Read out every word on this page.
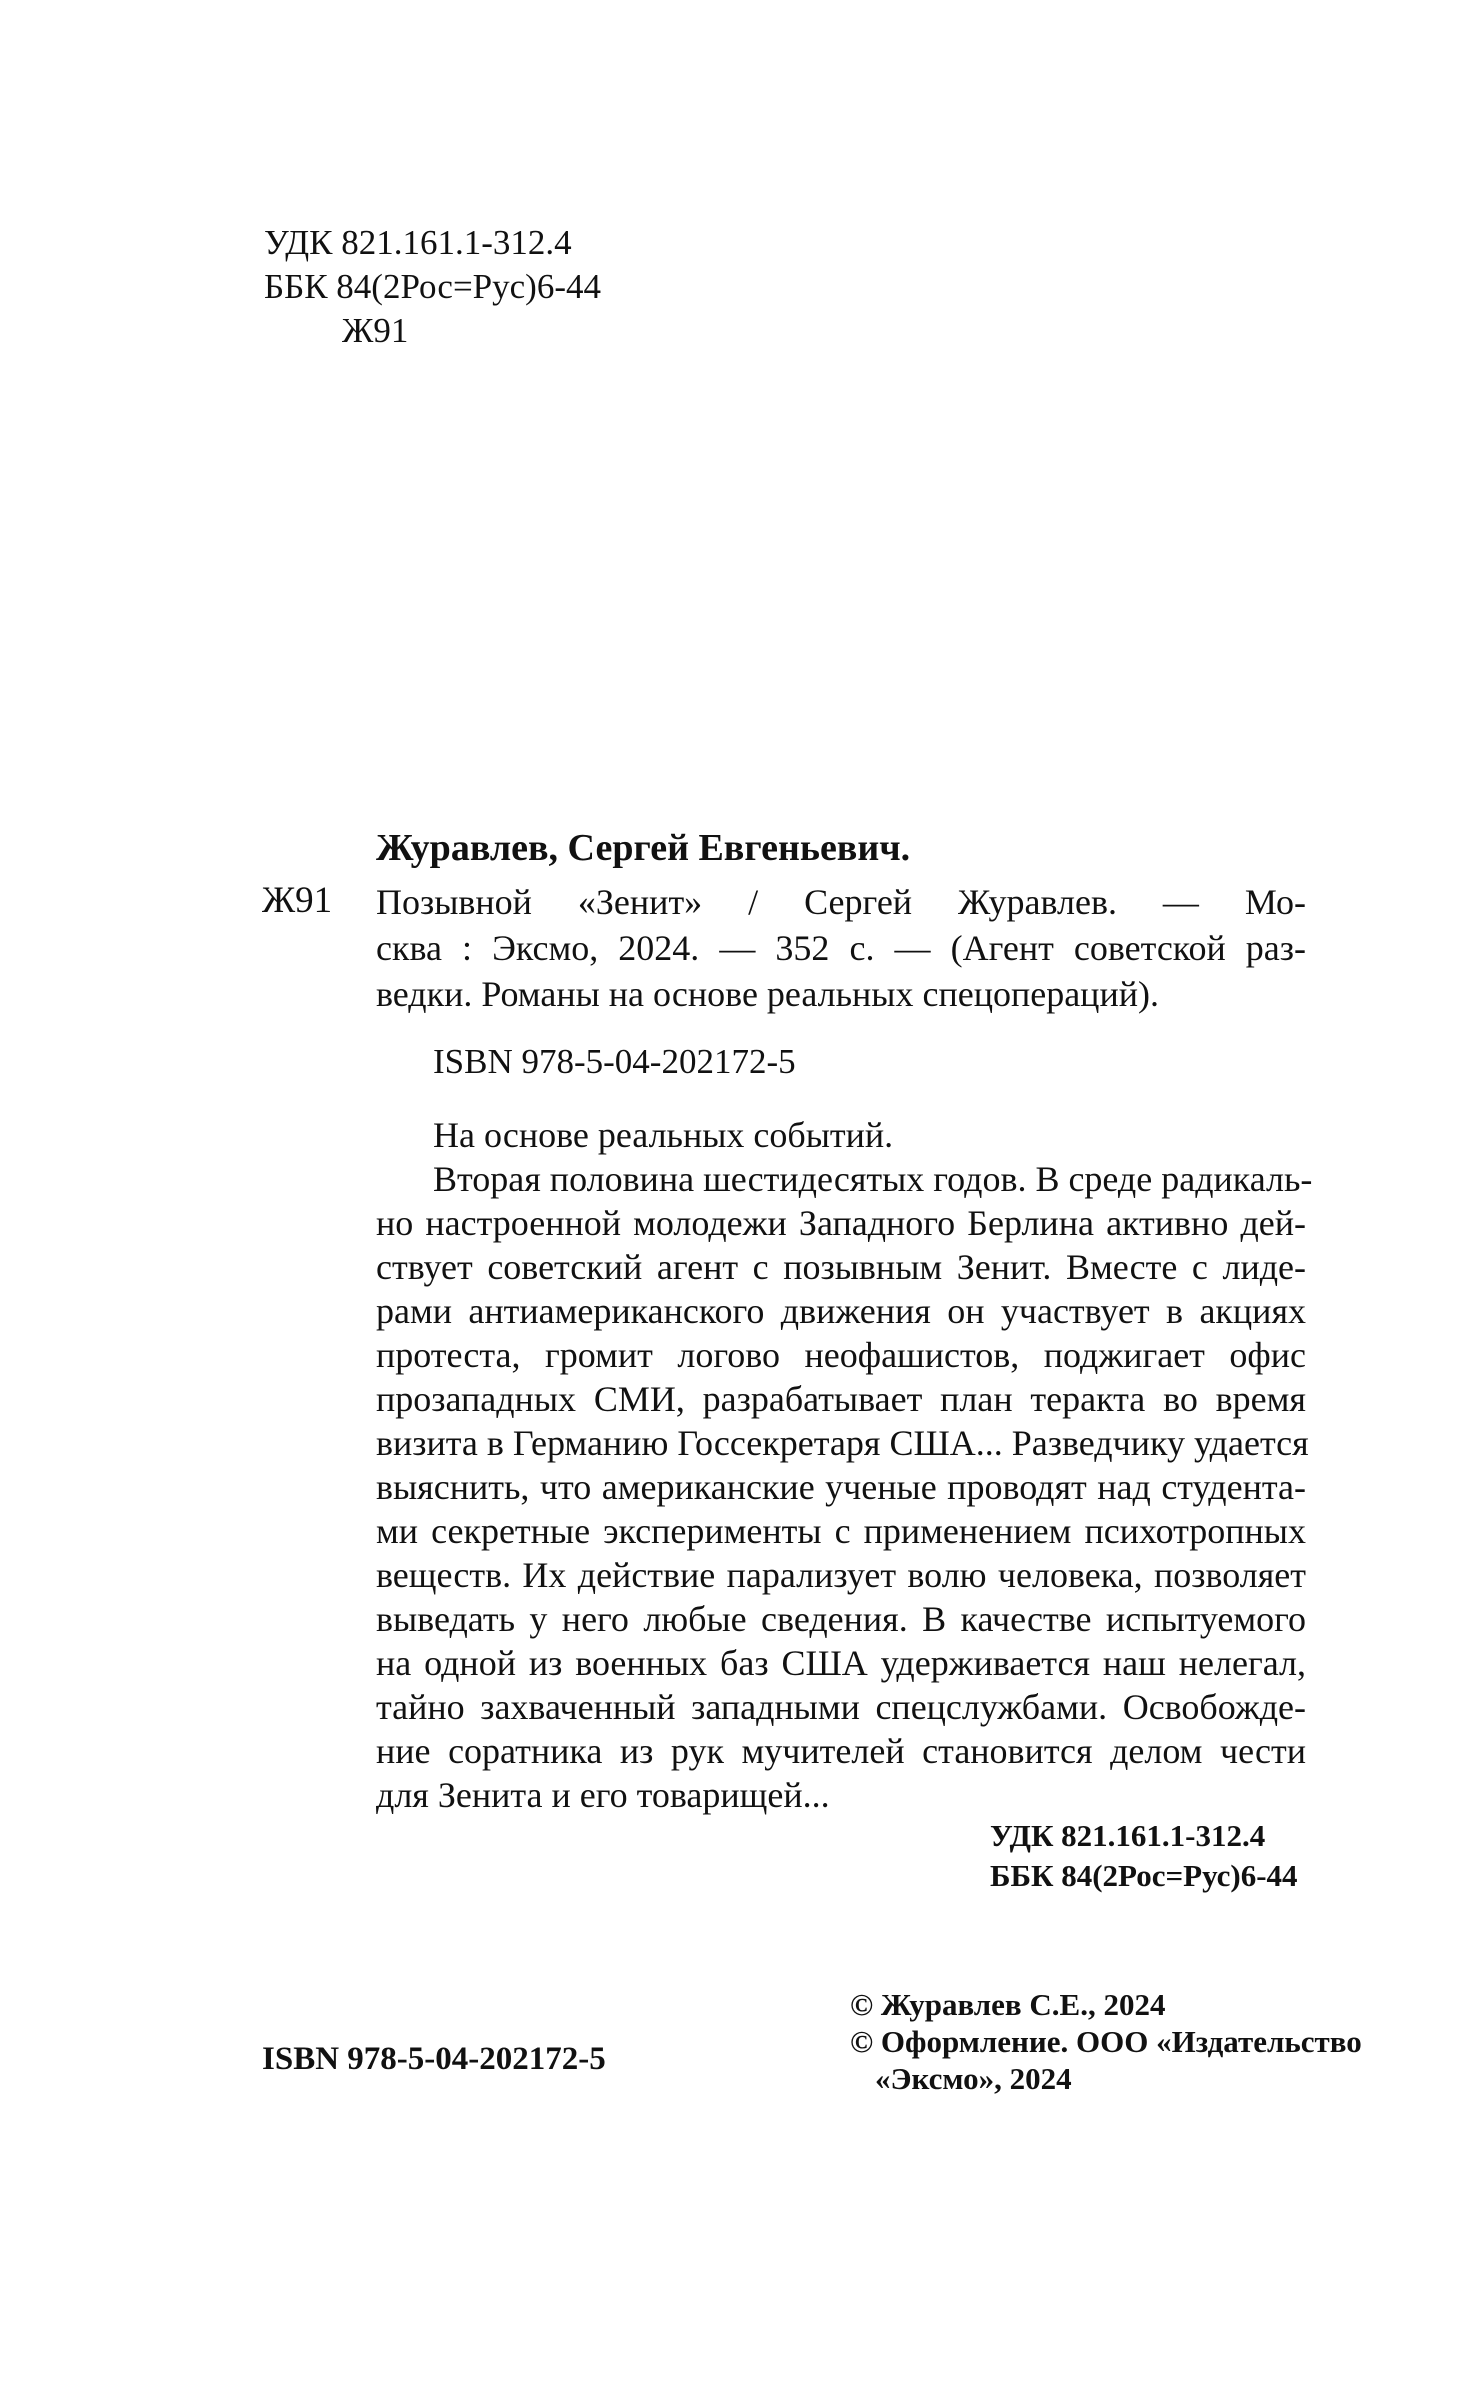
УДК 821.161.1-312.4
ББК 84(2Рос=Рус)6-44
Ж91
Журавлев, Сергей Евгеньевич.
Ж91 Позывной «Зенит» / Сергей Журавлев. — Мо-
сква : Эксмо, 2024. — 352 с. — (Агент советской раз-
ведки. Романы на основе реальных спецопераций).
ISBN 978-5-04-202172-5
На основе реальных событий.
Вторая половина шестидесятых годов. В среде радикаль-
но настроенной молодежи Западного Берлина активно дей-
ствует советский агент с позывным Зенит. Вместе с лиде-
рами антиамериканского движения он участвует в акциях
протеста, громит логово неофашистов, поджигает офис
прозападных СМИ, разрабатывает план теракта во время
визита в Германию Госсекретаря США... Разведчику удается
выяснить, что американские ученые проводят над студента-
ми секретные эксперименты с применением психотропных
веществ. Их действие парализует волю человека, позволяет
выведать у него любые сведения. В качестве испытуемого
на одной из военных баз США удерживается наш нелегал,
тайно захваченный западными спецслужбами. Освобожде-
ние соратника из рук мучителей становится делом чести
для Зенита и его товарищей...
УДК 821.161.1-312.4
ББК 84(2Рос=Рус)6-44
© Журавлев С.Е., 2024
© Оформление. ООО «Издательство
«Эксмо», 2024
ISBN 978-5-04-202172-5
